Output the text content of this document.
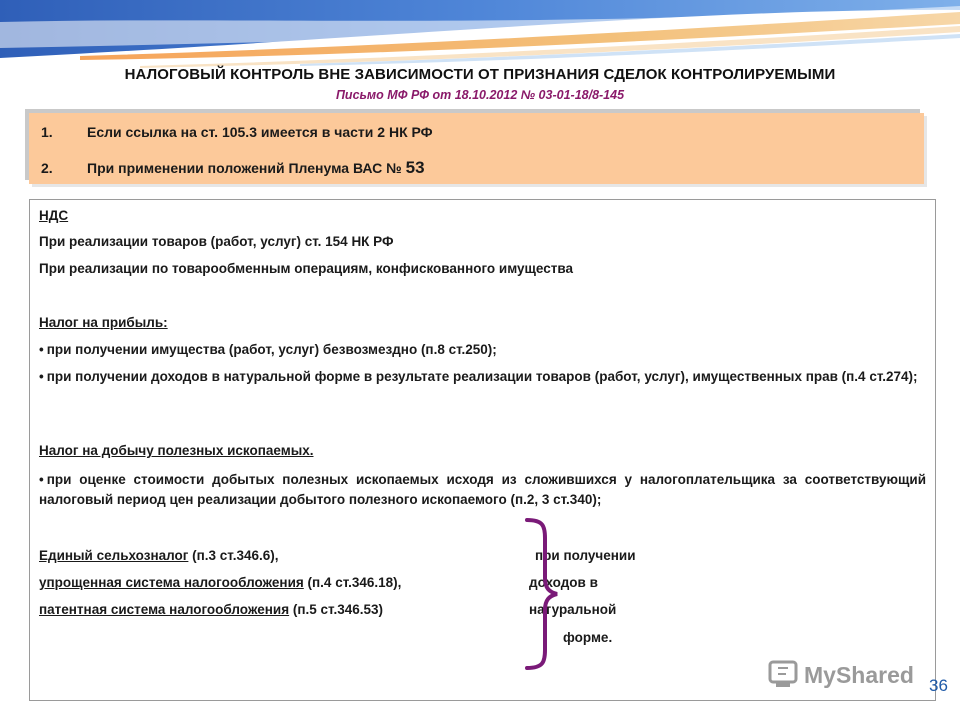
НАЛОГОВЫЙ КОНТРОЛЬ ВНЕ ЗАВИСИМОСТИ ОТ ПРИЗНАНИЯ СДЕЛОК КОНТРОЛИРУЕМЫМИ
Письмо МФ РФ от 18.10.2012 № 03-01-18/8-145
1. Если ссылка на ст. 105.3 имеется в части 2 НК РФ
2. При применении положений Пленума ВАС № 53
НДС
При реализации товаров (работ, услуг) ст. 154 НК РФ
При реализации по товарообменным операциям, конфискованного имущества
Налог на прибыль:
• при получении имущества (работ, услуг) безвозмездно (п.8 ст.250);
• при получении доходов в натуральной форме в результате реализации товаров (работ, услуг), имущественных прав (п.4 ст.274);
Налог на добычу полезных ископаемых.
• при оценке стоимости добытых полезных ископаемых исходя из сложившихся у налогоплательщика за соответствующий налоговый период цен реализации добытого полезного ископаемого (п.2, 3 ст.340);
Единый сельхозналог (п.3 ст.346.6),
упрощенная система налогообложения (п.4 ст.346.18),
патентная система налогообложения (п.5 ст.346.53)
при получении
доходов в
натуральной
форме.
MyShared 36
